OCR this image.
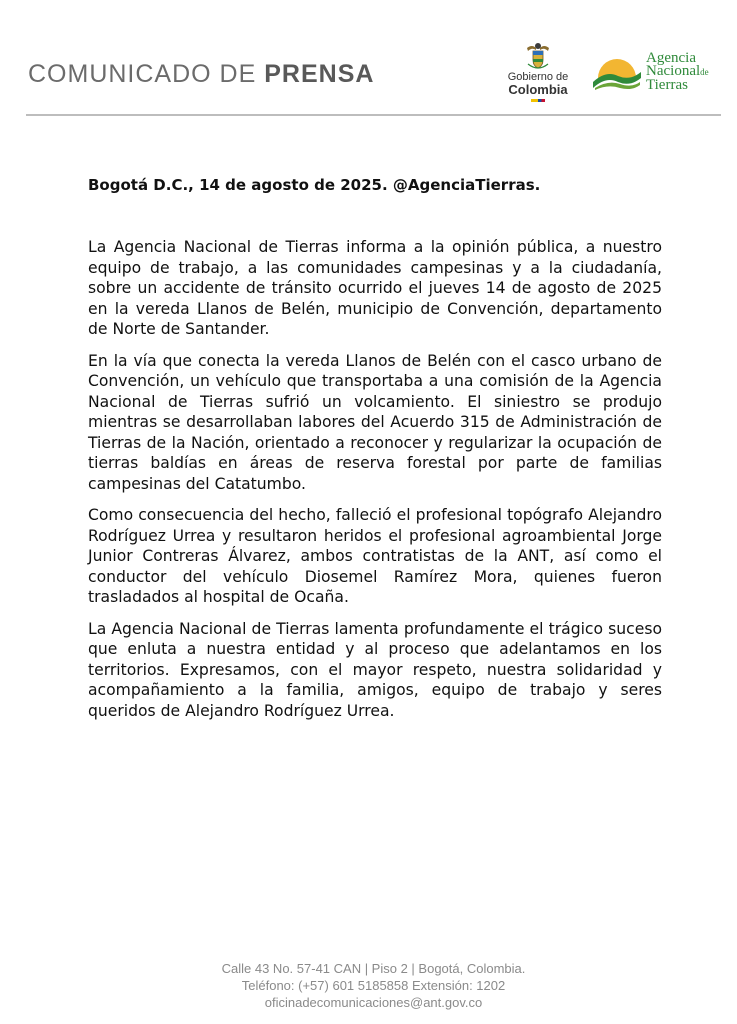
COMUNICADO DE PRENSA	Gobierno de
Colombia
Agencia
Nacionalde
Tierras
Bogotá D.C., 14 de agosto de 2025. @AgenciaTierras.

La Agencia Nacional de Tierras informa a la opinión pública, a nuestro equipo de trabajo, a las comunidades campesinas y a la ciudadanía, sobre un accidente de tránsito ocurrido el jueves 14 de agosto de 2025 en la vereda Llanos de Belén, municipio de Convención, departamento de Norte de Santander.

En la vía que conecta la vereda Llanos de Belén con el casco urbano de Convención, un vehículo que transportaba a una comisión de la Agencia Nacional de Tierras sufrió un volcamiento. El siniestro se produjo mientras se desarrollaban labores del Acuerdo 315 de Administración de Tierras de la Nación, orientado a reconocer y regularizar la ocupación de tierras baldías en áreas de reserva forestal por parte de familias campesinas del Catatumbo.

Como consecuencia del hecho, falleció el profesional topógrafo Alejandro Rodríguez Urrea y resultaron heridos el profesional agroambiental Jorge Junior Contreras Álvarez, ambos contratistas de la ANT, así como el conductor del vehículo Diosemel Ramírez Mora, quienes fueron trasladados al hospital de Ocaña.

La Agencia Nacional de Tierras lamenta profundamente el trágico suceso que enluta a nuestra entidad y al proceso que adelantamos en los territorios. Expresamos, con el mayor respeto, nuestra solidaridad y acompañamiento a la familia, amigos, equipo de trabajo y seres queridos de Alejandro Rodríguez Urrea.

Calle 43 No. 57-41 CAN | Piso 2 | Bogotá, Colombia.
Teléfono: (+57) 601 5185858 Extensión: 1202
oficinadecomunicaciones@ant.gov.co
